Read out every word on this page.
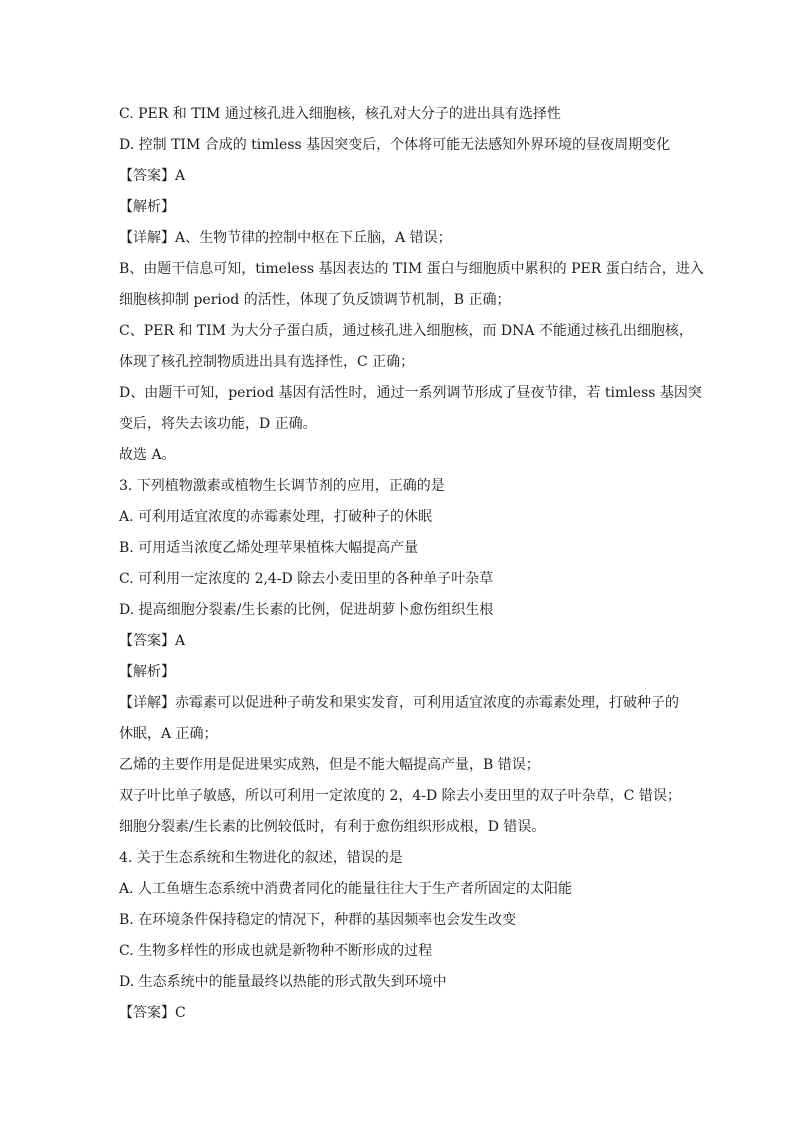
C. PER 和 TIM 通过核孔进入细胞核，核孔对大分子的进出具有选择性
D. 控制 TIM 合成的 timless 基因突变后，个体将可能无法感知外界环境的昼夜周期变化
【答案】A
【解析】
【详解】A、生物节律的控制中枢在下丘脑，A 错误；
B、由题干信息可知，timeless 基因表达的 TIM 蛋白与细胞质中累积的 PER 蛋白结合，进入
细胞核抑制 period 的活性，体现了负反馈调节机制，B 正确；
C、PER 和 TIM 为大分子蛋白质，通过核孔进入细胞核，而 DNA 不能通过核孔出细胞核，
体现了核孔控制物质进出具有选择性，C 正确；
D、由题干可知，period 基因有活性时，通过一系列调节形成了昼夜节律，若 timless 基因突
变后，将失去该功能，D 正确。
故选 A。
3. 下列植物激素或植物生长调节剂的应用，正确的是
A. 可利用适宜浓度的赤霉素处理，打破种子的休眠
B. 可用适当浓度乙烯处理苹果植株大幅提高产量
C. 可利用一定浓度的 2,4-D 除去小麦田里的各种单子叶杂草
D. 提高细胞分裂素/生长素的比例，促进胡萝卜愈伤组织生根
【答案】A
【解析】
【详解】赤霉素可以促进种子萌发和果实发育，可利用适宜浓度的赤霉素处理，打破种子的
休眠，A 正确；
乙烯的主要作用是促进果实成熟，但是不能大幅提高产量，B 错误；
双子叶比单子敏感，所以可利用一定浓度的 2，4-D 除去小麦田里的双子叶杂草，C 错误；
细胞分裂素/生长素的比例较低时，有利于愈伤组织形成根，D 错误。
4. 关于生态系统和生物进化的叙述，错误的是
A. 人工鱼塘生态系统中消费者同化的能量往往大于生产者所固定的太阳能
B. 在环境条件保持稳定的情况下，种群的基因频率也会发生改变
C. 生物多样性的形成也就是新物种不断形成的过程
D. 生态系统中的能量最终以热能的形式散失到环境中
【答案】C
